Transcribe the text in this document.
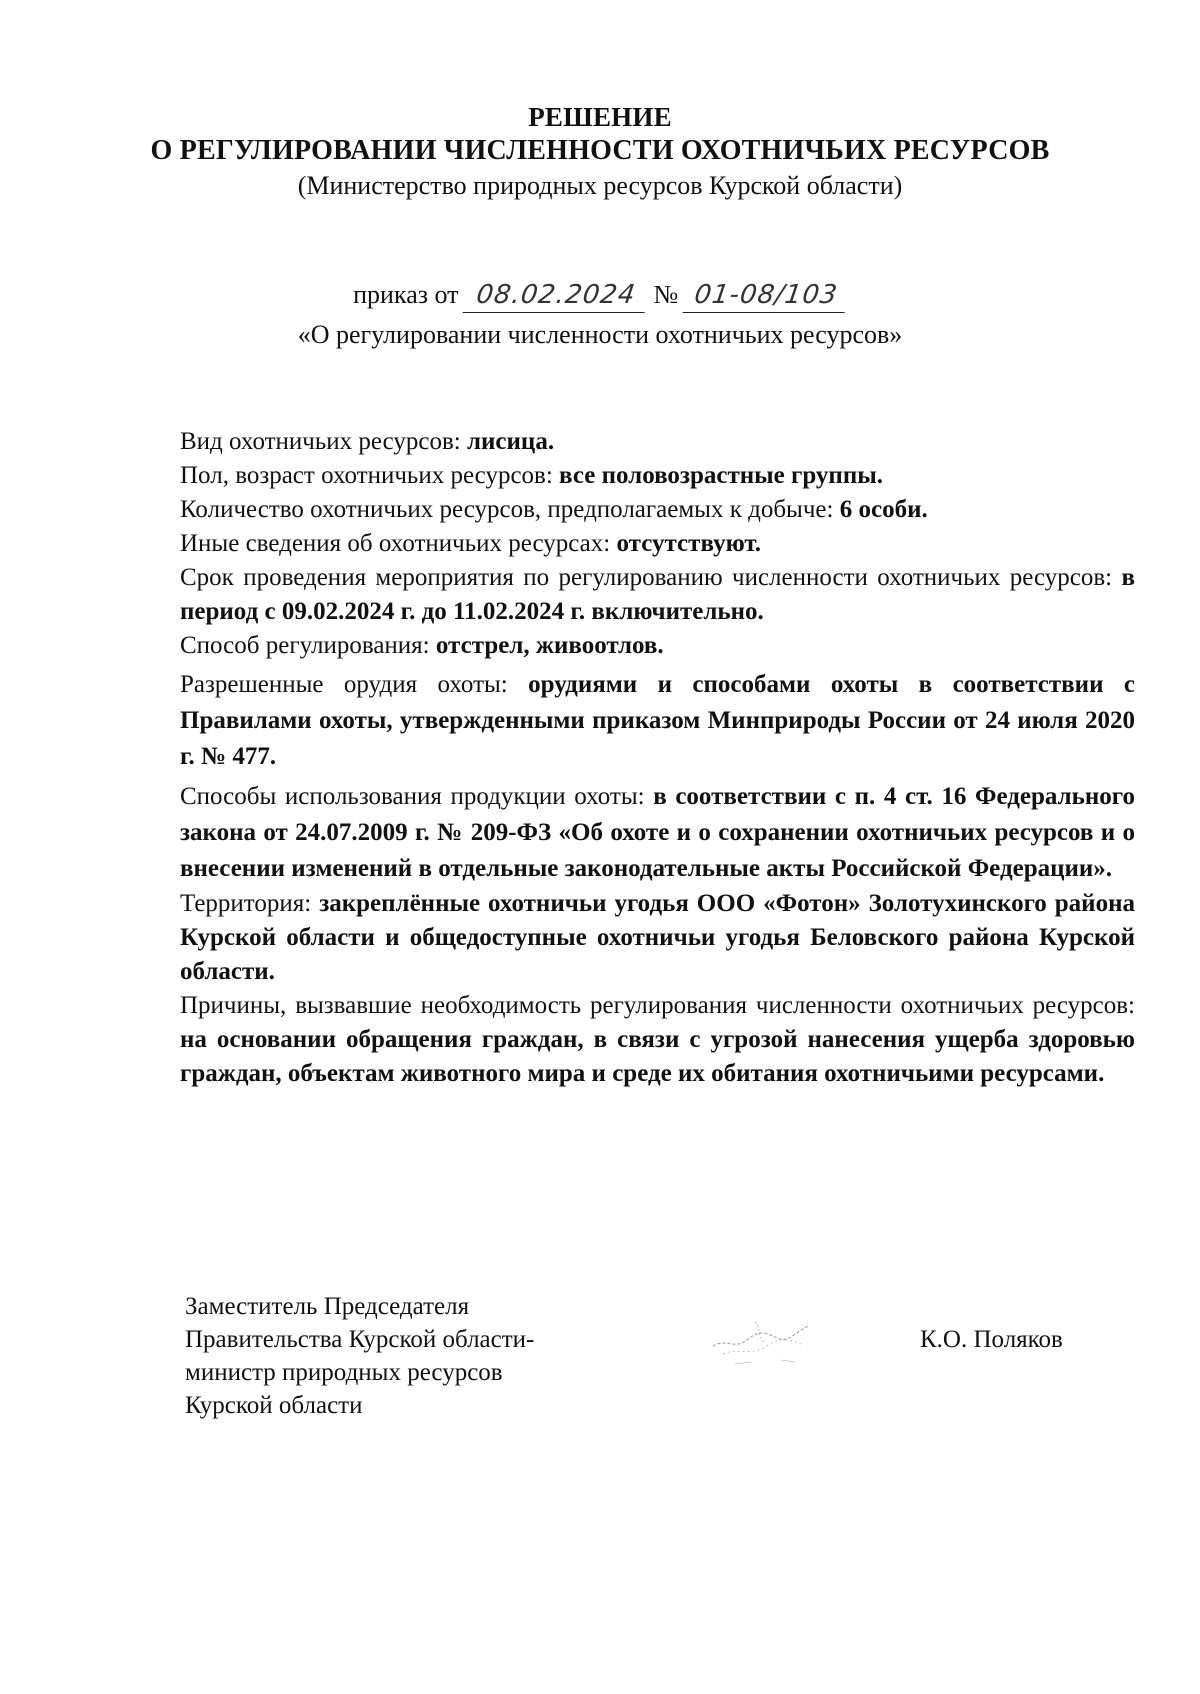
РЕШЕНИЕ
О РЕГУЛИРОВАНИИ ЧИСЛЕННОСТИ ОХОТНИЧЬИХ РЕСУРСОВ
(Министерство природных ресурсов Курской области)
приказ от 08.02.2024 № 01-08/103
«О регулировании численности охотничьих ресурсов»

Вид охотничьих ресурсов: лисица.

Пол, возраст охотничьих ресурсов: все половозрастные группы.

Количество охотничьих ресурсов, предполагаемых к добыче: 6 особи.

Иные сведения об охотничьих ресурсах: отсутствуют.

Срок проведения мероприятия по регулированию численности охотничьих ресурсов: в период с 09.02.2024 г. до 11.02.2024 г. включительно.

Способ регулирования: отстрел, живоотлов.

Разрешенные орудия охоты: орудиями и способами охоты в соответствии с Правилами охоты, утвержденными приказом Минприроды России от 24 июля 2020 г. № 477.

Способы использования продукции охоты: в соответствии с п. 4 ст. 16 Федерального закона от 24.07.2009 г. № 209-ФЗ «Об охоте и о сохранении охотничьих ресурсов и о внесении изменений в отдельные законодательные акты Российской Федерации».

Территория: закреплённые охотничьи угодья ООО «Фотон» Золотухинского района Курской области и общедоступные охотничьи угодья Беловского района Курской области.

Причины, вызвавшие необходимость регулирования численности охотничьих ресурсов: на основании обращения граждан, в связи с угрозой нанесения ущерба здоровью граждан, объектам животного мира и среде их обитания охотничьими ресурсами.

Заместитель Председателя
Правительства Курской области-
министр природных ресурсов
Курской области
К.О. Поляков
